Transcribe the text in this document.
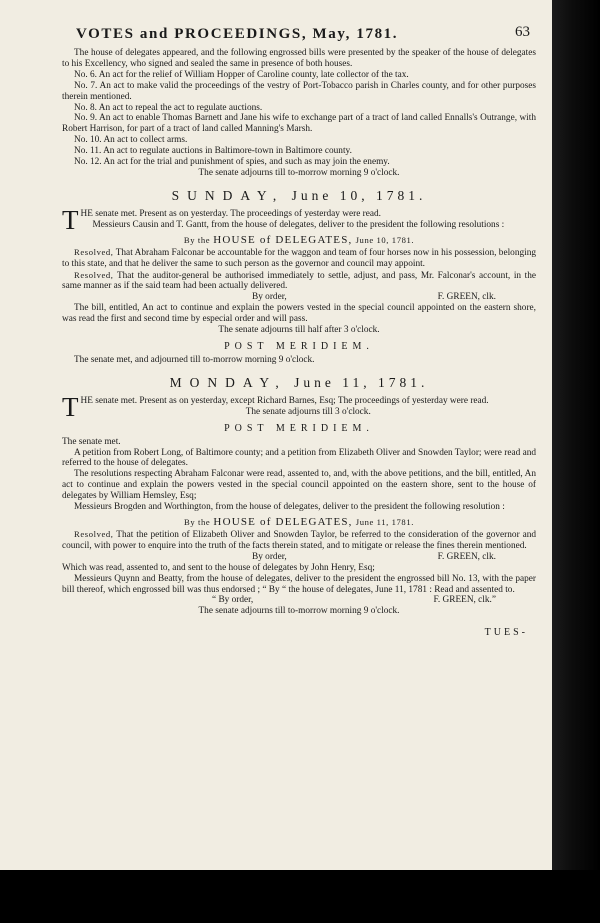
VOTES and PROCEEDINGS, May, 1781.	63

The house of delegates appeared, and the following engrossed bills were presented by the speaker of the house of delegates to his Excellency, who signed and sealed the same in presence of both houses.

No. 6. An act for the relief of William Hopper of Caroline county, late collector of the tax.

No. 7. An act to make valid the proceedings of the vestry of Port-Tobacco parish in Charles county, and for other purposes therein mentioned.

No. 8. An act to repeal the act to regulate auctions.

No. 9. An act to enable Thomas Barnett and Jane his wife to exchange part of a tract of land called Ennalls's Outrange, with Robert Harrison, for part of a tract of land called Manning's Marsh.

No. 10. An act to collect arms.

No. 11. An act to regulate auctions in Baltimore-town in Baltimore county.

No. 12. An act for the trial and punishment of spies, and such as may join the enemy.

The senate adjourns till to-morrow morning 9 o'clock.

SUNDAY, June 10, 1781.

THE senate met. Present as on yesterday. The proceedings of yesterday were read.

Messieurs Causin and T. Gantt, from the house of delegates, deliver to the president the following resolutions :

By the HOUSE of DELEGATES, June 10, 1781.

Resolved, That Abraham Falconar be accountable for the waggon and team of four horses now in his possession, belonging to this state, and that he deliver the same to such person as the governor and council may appoint.

Resolved, That the auditor-general be authorised immediately to settle, adjust, and pass, Mr. Falconar's account, in the same manner as if the said team had been actually delivered.

By order,	F. GREEN, clk.

The bill, entitled, An act to continue and explain the powers vested in the special council appointed on the eastern shore, was read the first and second time by especial order and will pass.

The senate adjourns till half after 3 o'clock.

POST MERIDIEM.

The senate met, and adjourned till to-morrow morning 9 o'clock.

MONDAY, June 11, 1781.

THE senate met. Present as on yesterday, except Richard Barnes, Esq; The proceedings of yesterday were read.

The senate adjourns till 3 o'clock.

POST MERIDIEM.

The senate met.

A petition from Robert Long, of Baltimore county; and a petition from Elizabeth Oliver and Snowden Taylor; were read and referred to the house of delegates.

The resolutions respecting Abraham Falconar were read, assented to, and, with the above petitions, and the bill, entitled, An act to continue and explain the powers vested in the special council appointed on the eastern shore, sent to the house of delegates by William Hemsley, Esq;

Messieurs Brogden and Worthington, from the house of delegates, deliver to the president the following resolution :

By the HOUSE of DELEGATES, June 11, 1781.

Resolved, That the petition of Elizabeth Oliver and Snowden Taylor, be referred to the consideration of the governor and council, with power to enquire into the truth of the facts therein stated, and to mitigate or release the fines therein mentioned.

By order,	F. GREEN, clk.

Which was read, assented to, and sent to the house of delegates by John Henry, Esq;

Messieurs Quynn and Beatty, from the house of delegates, deliver to the president the engrossed bill No. 13, with the paper bill thereof, which engrossed bill was thus endorsed ; “ By “ the house of delegates, June 11, 1781 : Read and assented to.

“ By order,	F. GREEN, clk.”

The senate adjourns till to-morrow morning 9 o'clock.

TUES-
